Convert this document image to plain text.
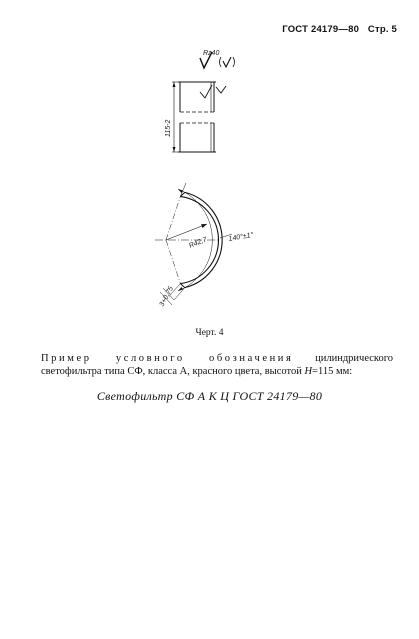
ГОСТ 24179—80 Стр. 5
Rz40
115-2
R42,7	140°±1°
3+0,75
Черт. 4
Пример условного обозначения цилиндрического светофильтра типа СФ, класса А, красного цвета, высотой H=115 мм:
Светофильтр СФ А К Ц ГОСТ 24179—80
